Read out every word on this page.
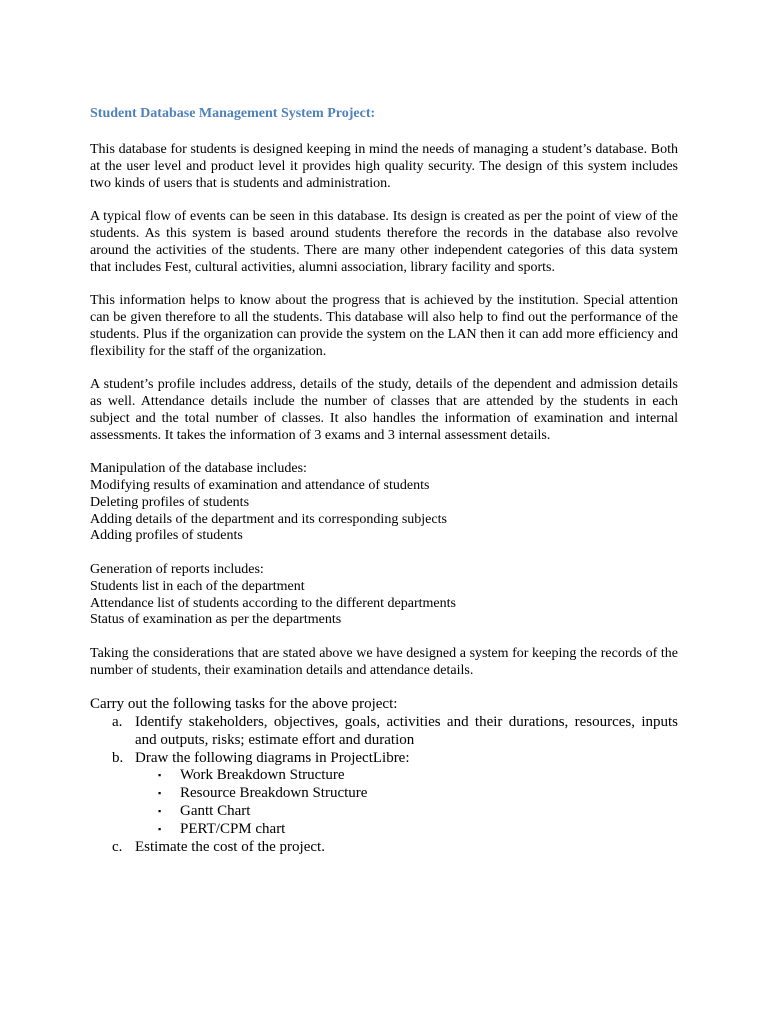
Student Database Management System Project:

This database for students is designed keeping in mind the needs of managing a student’s database. Both at the user level and product level it provides high quality security. The design of this system includes two kinds of users that is students and administration.

A typical flow of events can be seen in this database. Its design is created as per the point of view of the students. As this system is based around students therefore the records in the database also revolve around the activities of the students. There are many other independent categories of this data system that includes Fest, cultural activities, alumni association, library facility and sports.

This information helps to know about the progress that is achieved by the institution. Special attention can be given therefore to all the students. This database will also help to find out the performance of the students. Plus if the organization can provide the system on the LAN then it can add more efficiency and flexibility for the staff of the organization.

A student’s profile includes address, details of the study, details of the dependent and admission details as well. Attendance details include the number of classes that are attended by the students in each subject and the total number of classes. It also handles the information of examination and internal assessments. It takes the information of 3 exams and 3 internal assessment details.

Manipulation of the database includes:
Modifying results of examination and attendance of students
Deleting profiles of students
Adding details of the department and its corresponding subjects
Adding profiles of students
Generation of reports includes:
Students list in each of the department
Attendance list of students according to the different departments
Status of examination as per the departments

Taking the considerations that are stated above we have designed a system for keeping the records of the number of students, their examination details and attendance details.

Carry out the following tasks for the above project:
a. Identify stakeholders, objectives, goals, activities and their durations, resources, inputs and outputs, risks; estimate effort and duration
b. Draw the following diagrams in ProjectLibre:
▪ Work Breakdown Structure
▪ Resource Breakdown Structure
▪ Gantt Chart
▪ PERT/CPM chart
c. Estimate the cost of the project.
